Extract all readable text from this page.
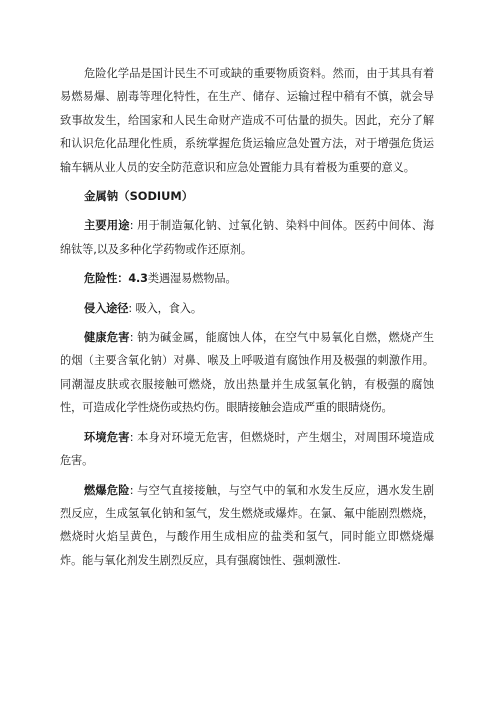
危险化学品是国计民生不可或缺的重要物质资料。然而，由于其具有着易燃易爆、剧毒等理化特性，在生产、储存、运输过程中稍有不慎，就会导致事故发生，给国家和人民生命财产造成不可估量的损失。因此，充分了解和认识危化品理化性质，系统掌握危货运输应急处置方法，对于增强危货运输车辆从业人员的安全防范意识和应急处置能力具有着极为重要的意义。

金属钠（SODIUM）

主要用途: 用于制造氟化钠、过氧化钠、染料中间体。医药中间体、海绵钛等,以及多种化学药物或作还原剂。

危险性：4.3类遇湿易燃物品。

侵入途径: 吸入，食入。

健康危害: 钠为碱金属，能腐蚀人体，在空气中易氧化自燃，燃烧产生的烟（主要含氧化钠）对鼻、喉及上呼吸道有腐蚀作用及极强的刺激作用。同潮湿皮肤或衣服接触可燃烧，放出热量并生成氢氧化钠，有极强的腐蚀性，可造成化学性烧伤或热灼伤。眼睛接触会造成严重的眼睛烧伤。

环境危害: 本身对环境无危害，但燃烧时，产生烟尘，对周围环境造成危害。

燃爆危险: 与空气直接接触，与空气中的氧和水发生反应，遇水发生剧烈反应，生成氢氧化钠和氢气，发生燃烧或爆炸。在氯、氟中能剧烈燃烧，燃烧时火焰呈黄色，与酸作用生成相应的盐类和氢气，同时能立即燃烧爆炸。能与氧化剂发生剧烈反应，具有强腐蚀性、强刺激性.
